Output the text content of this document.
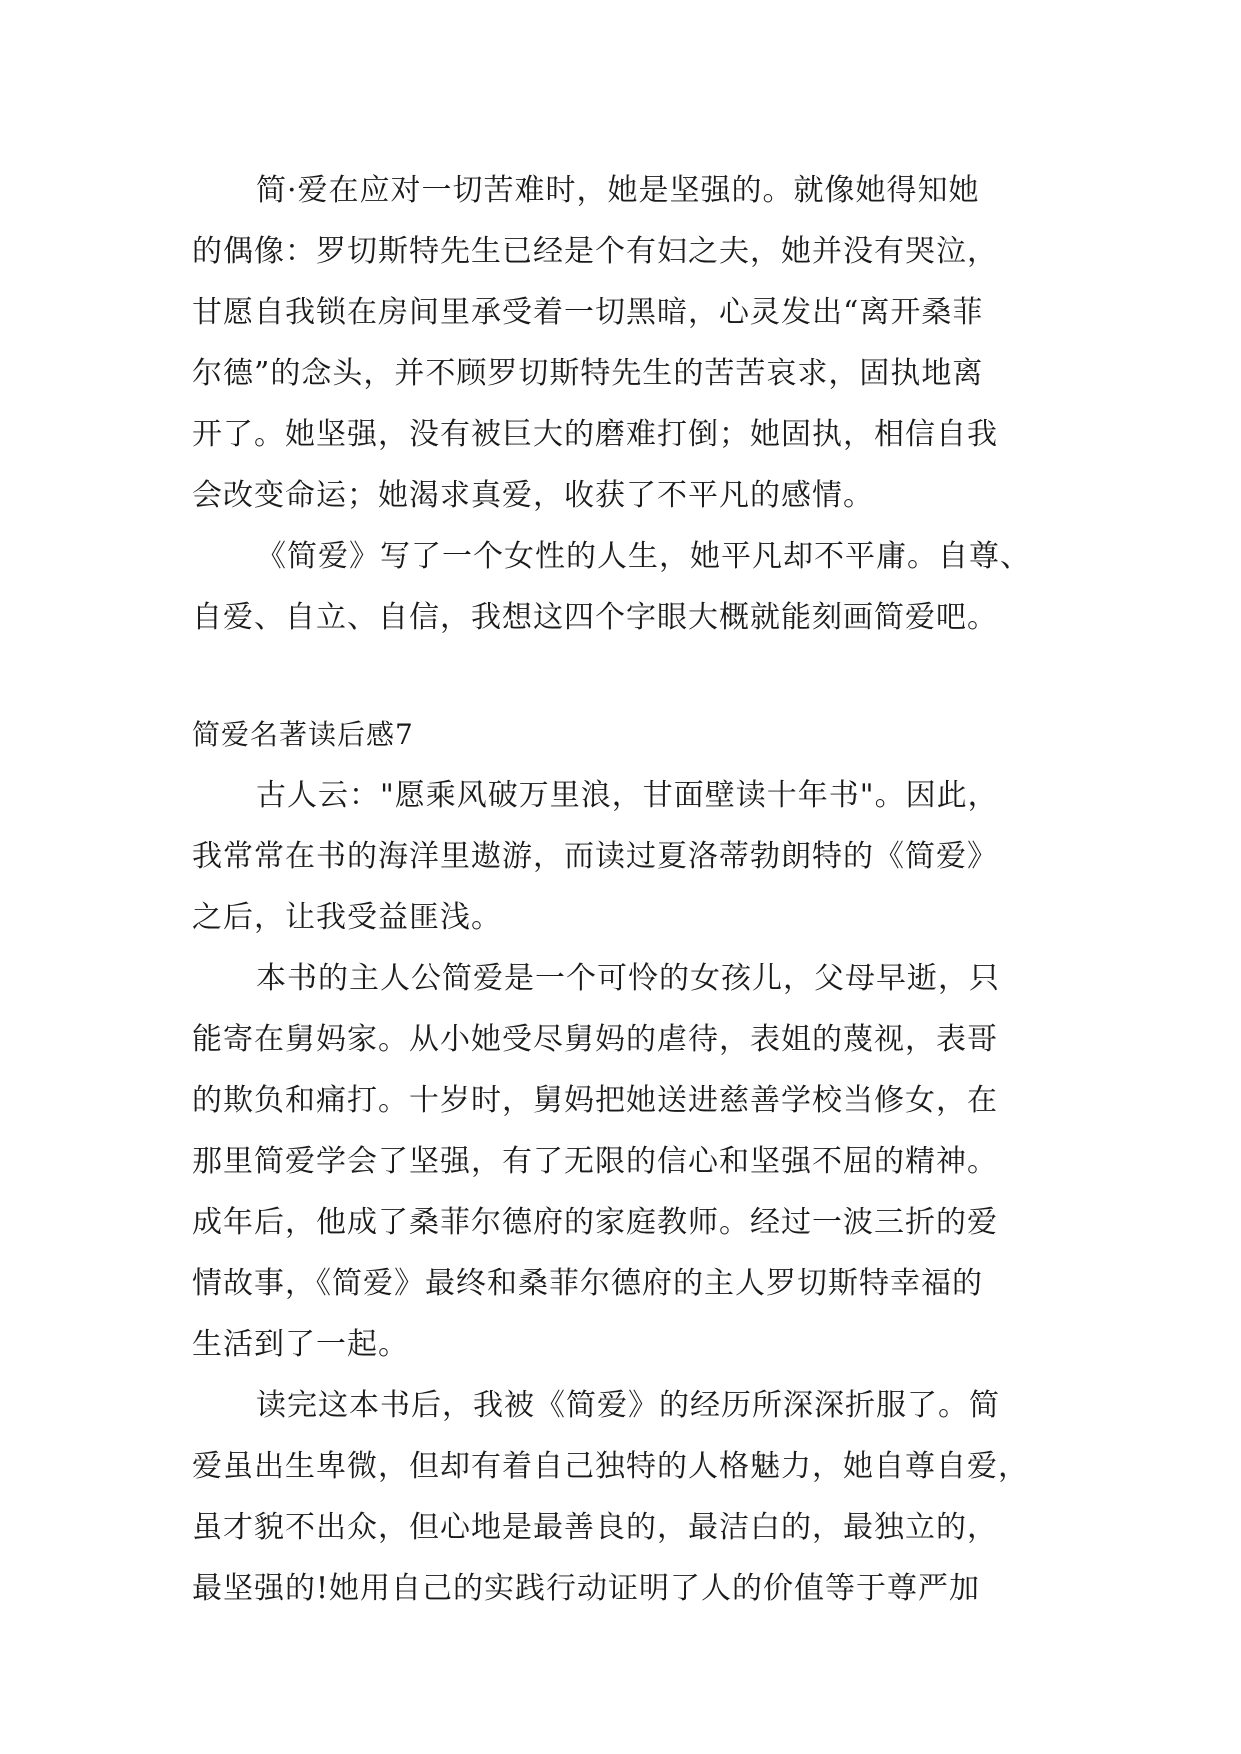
简·爱在应对一切苦难时，她是坚强的。就像她得知她
的偶像：罗切斯特先生已经是个有妇之夫，她并没有哭泣，
甘愿自我锁在房间里承受着一切黑暗，心灵发出“离开桑菲
尔德”的念头，并不顾罗切斯特先生的苦苦哀求，固执地离
开了。她坚强，没有被巨大的磨难打倒；她固执，相信自我
会改变命运；她渴求真爱，收获了不平凡的感情。
《简爱》写了一个女性的人生，她平凡却不平庸。自尊、
自爱、自立、自信，我想这四个字眼大概就能刻画简爱吧。
简爱名著读后感7
古人云："愿乘风破万里浪，甘面壁读十年书"。因此，
我常常在书的海洋里遨游，而读过夏洛蒂勃朗特的《简爱》
之后，让我受益匪浅。
本书的主人公简爱是一个可怜的女孩儿，父母早逝，只
能寄在舅妈家。从小她受尽舅妈的虐待，表姐的蔑视，表哥
的欺负和痛打。十岁时，舅妈把她送进慈善学校当修女，在
那里简爱学会了坚强，有了无限的信心和坚强不屈的精神。
成年后，他成了桑菲尔德府的家庭教师。经过一波三折的爱
情故事，《简爱》最终和桑菲尔德府的主人罗切斯特幸福的
生活到了一起。
读完这本书后，我被《简爱》的经历所深深折服了。简
爱虽出生卑微，但却有着自己独特的人格魅力，她自尊自爱，
虽才貌不出众，但心地是最善良的，最洁白的，最独立的，
最坚强的!她用自己的实践行动证明了人的价值等于尊严加
